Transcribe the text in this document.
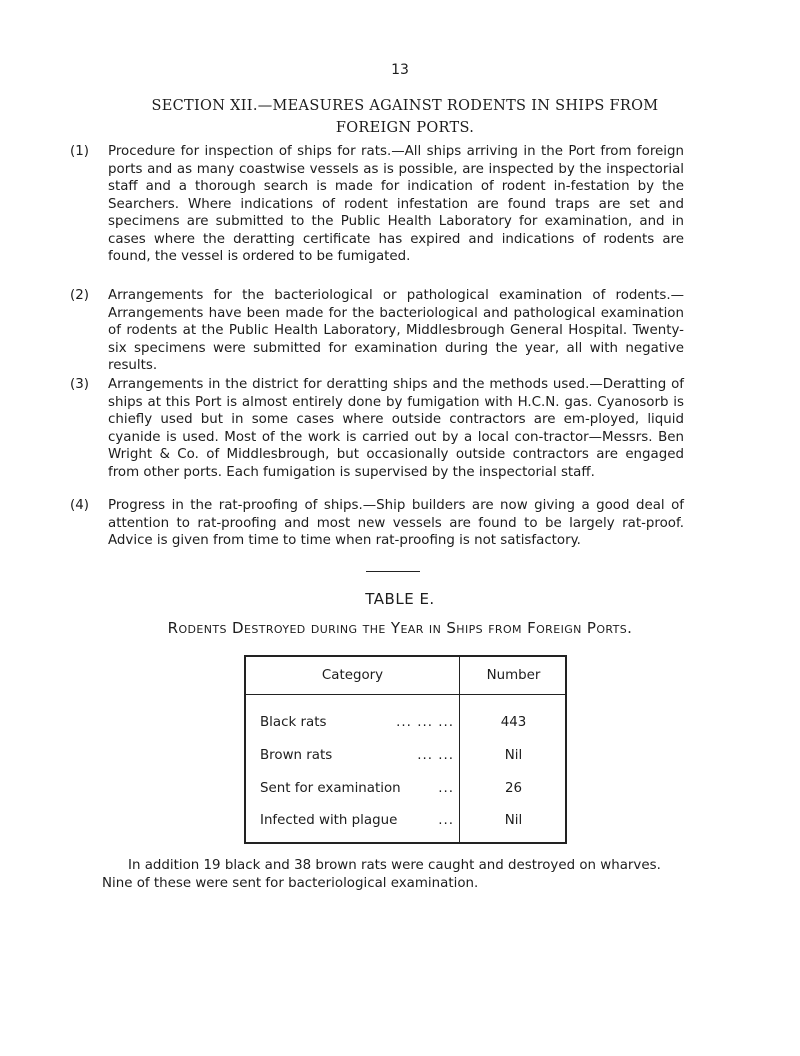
13
SECTION XII.—MEASURES AGAINST RODENTS IN SHIPS FROM
FOREIGN PORTS.
(1) Procedure for inspection of ships for rats.—All ships arriving in the Port from foreign ports and as many coastwise vessels as is possible, are inspected by the inspectorial staff and a thorough search is made for indication of rodent in-festation by the Searchers. Where indications of rodent infestation are found traps are set and specimens are submitted to the Public Health Laboratory for examination, and in cases where the deratting certificate has expired and indications of rodents are found, the vessel is ordered to be fumigated.
(2) Arrangements for the bacteriological or pathological examination of rodents.— Arrangements have been made for the bacteriological and pathological examination of rodents at the Public Health Laboratory, Middlesbrough General Hospital. Twenty-six specimens were submitted for examination during the year, all with negative results.
(3) Arrangements in the district for deratting ships and the methods used.—Deratting of ships at this Port is almost entirely done by fumigation with H.C.N. gas. Cyanosorb is chiefly used but in some cases where outside contractors are em-ployed, liquid cyanide is used. Most of the work is carried out by a local con-tractor—Messrs. Ben Wright & Co. of Middlesbrough, but occasionally outside contractors are engaged from other ports. Each fumigation is supervised by the inspectorial staff.
(4) Progress in the rat-proofing of ships.—Ship builders are now giving a good deal of attention to rat-proofing and most new vessels are found to be largely rat-proof. Advice is given from time to time when rat-proofing is not satisfactory.
TABLE E.
Rodents Destroyed during the Year in Ships from Foreign Ports.
Category	Number
Black rats	... ... ...	443
Brown rats	... ...	Nil
Sent for examination	...	26
Infected with plague	...	Nil
In addition 19 black and 38 brown rats were caught and destroyed on wharves.
Nine of these were sent for bacteriological examination.
